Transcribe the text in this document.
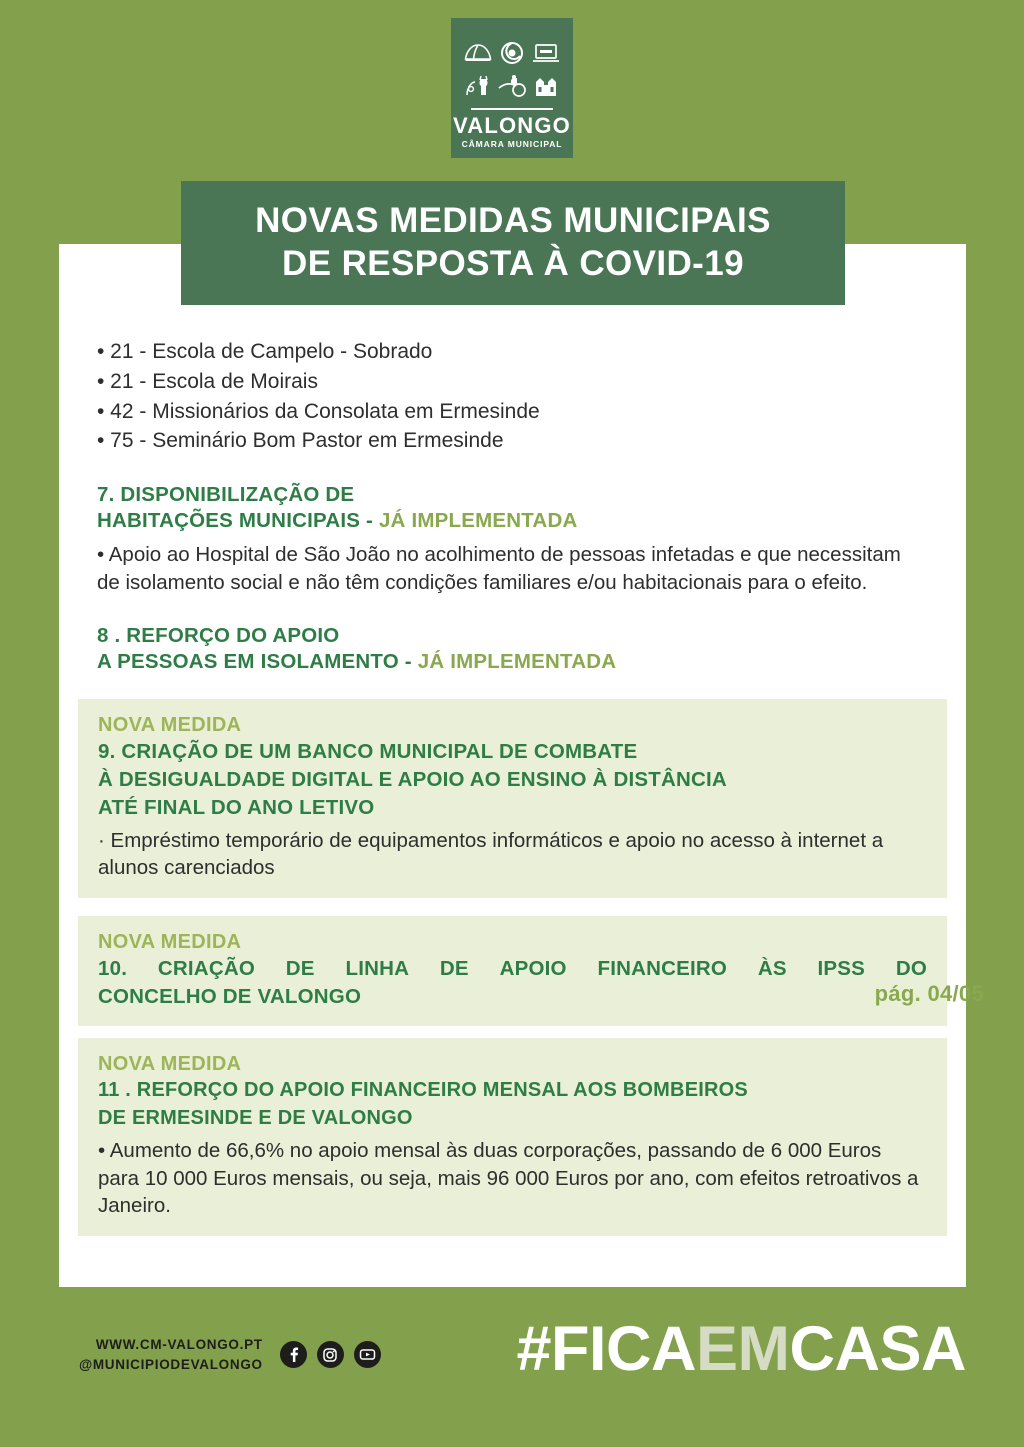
VALONGO
CÂMARA MUNICIPAL
NOVAS MEDIDAS MUNICIPAIS
DE RESPOSTA À COVID-19
• 21 - Escola de Campelo - Sobrado
• 21 - Escola de Moirais
• 42 - Missionários da Consolata em Ermesinde
• 75 - Seminário Bom Pastor em Ermesinde
7. DISPONIBILIZAÇÃO DE
HABITAÇÕES MUNICIPAIS - JÁ IMPLEMENTADA
• Apoio ao Hospital de São João no acolhimento de pessoas infetadas e que necessitam de isolamento social e não têm condições familiares e/ou habitacionais para o efeito.
8 . REFORÇO DO APOIO
A PESSOAS EM ISOLAMENTO - JÁ IMPLEMENTADA
NOVA MEDIDA
9. CRIAÇÃO DE UM BANCO MUNICIPAL DE COMBATE
À DESIGUALDADE DIGITAL E APOIO AO ENSINO À DISTÂNCIA
ATÉ FINAL DO ANO LETIVO
· Empréstimo temporário de equipamentos informáticos e apoio no acesso à internet a alunos carenciados
NOVA MEDIDA
10. CRIAÇÃO DE LINHA DE APOIO FINANCEIRO ÀS IPSS DO
CONCELHO DE VALONGO
NOVA MEDIDA
11 . REFORÇO DO APOIO FINANCEIRO MENSAL AOS BOMBEIROS
DE ERMESINDE E DE VALONGO
• Aumento de 66,6% no apoio mensal às duas corporações, passando de 6 000 Euros para 10 000 Euros mensais, ou seja, mais 96 000 Euros por ano, com efeitos retroativos a Janeiro.
pág. 04/05
WWW.CM-VALONGO.PT
@MUNICIPIODEVALONGO	#FICAEMCASA
